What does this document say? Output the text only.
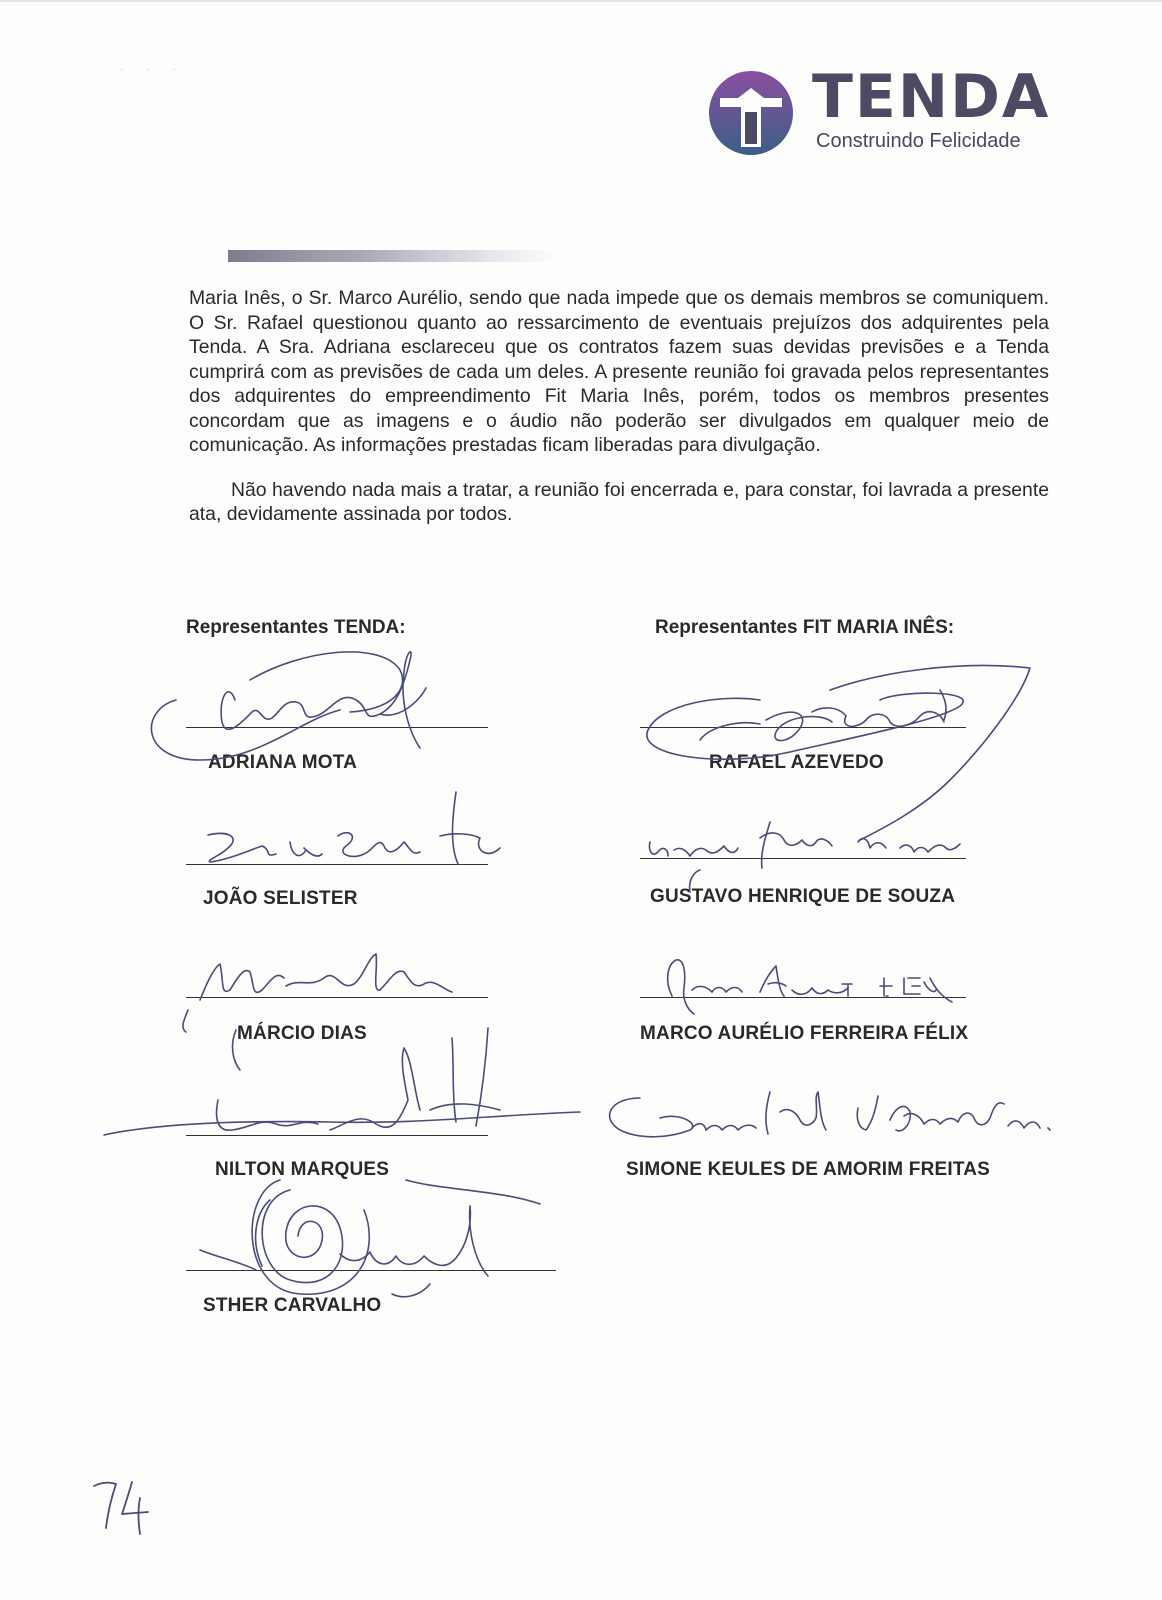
· · ·	TENDA
Construindo Felicidade

Maria Inês, o Sr. Marco Aurélio, sendo que nada impede que os demais membros se comuniquem. O Sr. Rafael questionou quanto ao ressarcimento de eventuais prejuízos dos adquirentes pela Tenda. A Sra. Adriana esclareceu que os contratos fazem suas devidas previsões e a Tenda cumprirá com as previsões de cada um deles. A presente reunião foi gravada pelos representantes dos adquirentes do empreendimento Fit Maria Inês, porém, todos os membros presentes concordam que as imagens e o áudio não poderão ser divulgados em qualquer meio de comunicação. As informações prestadas ficam liberadas para divulgação.

Não havendo nada mais a tratar, a reunião foi encerrada e, para constar, foi lavrada a presente ata, devidamente assinada por todos.

Representantes TENDA:	Representantes FIT MARIA INÊS:
ADRIANA MOTA
JOÃO SELISTER
MÁRCIO DIAS
NILTON MARQUES
STHER CARVALHO
RAFAEL AZEVEDO
GUSTAVO HENRIQUE DE SOUZA
MARCO AURÉLIO FERREIRA FÉLIX
SIMONE KEULES DE AMORIM FREITAS
